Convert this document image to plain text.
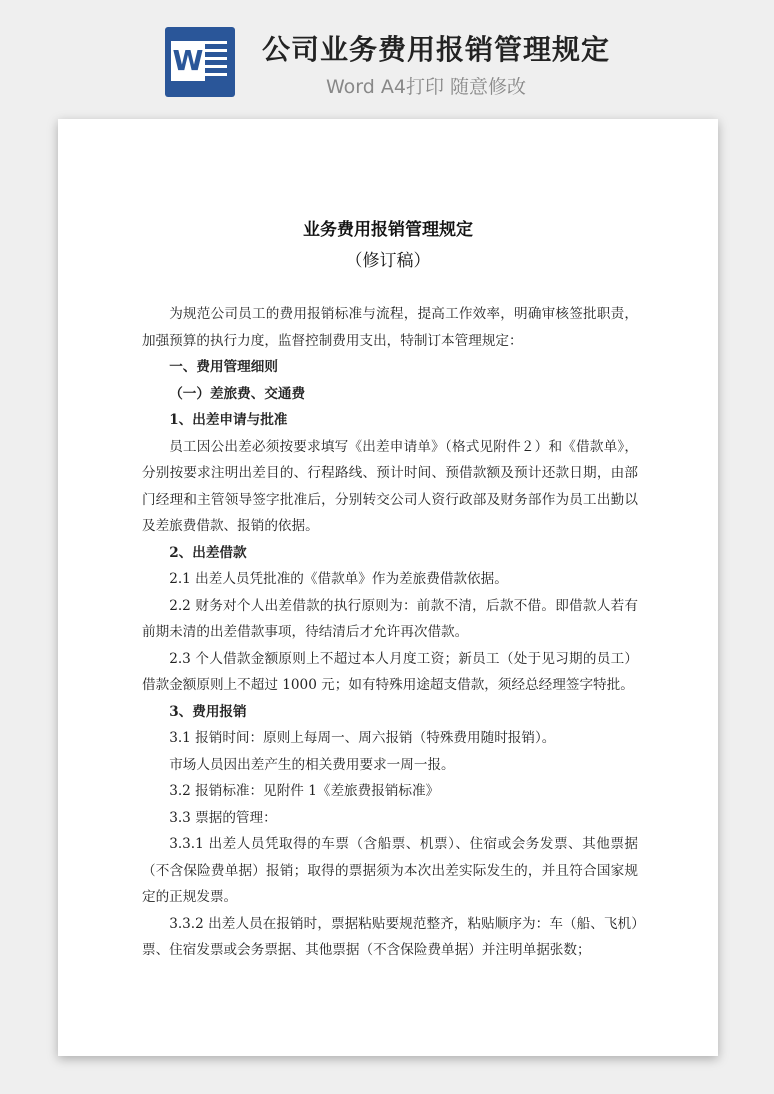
W 公司业务费用报销管理规定
Word A4打印 随意修改

业务费用报销管理规定
（修订稿）

为规范公司员工的费用报销标准与流程，提高工作效率，明确审核签批职责，加强预算的执行力度，监督控制费用支出，特制订本管理规定：

一、费用管理细则

（一）差旅费、交通费

1、出差申请与批准

员工因公出差必须按要求填写《出差申请单》（格式见附件２）和《借款单》，分别按要求注明出差目的、行程路线、预计时间、预借款额及预计还款日期，由部门经理和主管领导签字批准后，分别转交公司人资行政部及财务部作为员工出勤以及差旅费借款、报销的依据。

2、出差借款

2.1 出差人员凭批准的《借款单》作为差旅费借款依据。

2.2 财务对个人出差借款的执行原则为：前款不清，后款不借。即借款人若有前期未清的出差借款事项，待结清后才允许再次借款。

2.3 个人借款金额原则上不超过本人月度工资；新员工（处于见习期的员工）借款金额原则上不超过 1000 元；如有特殊用途超支借款，须经总经理签字特批。

3、费用报销

3.1 报销时间：原则上每周一、周六报销（特殊费用随时报销）。

市场人员因出差产生的相关费用要求一周一报。

3.2 报销标准：见附件 1《差旅费报销标准》

3.3 票据的管理：

3.3.1 出差人员凭取得的车票（含船票、机票）、住宿或会务发票、其他票据（不含保险费单据）报销；取得的票据须为本次出差实际发生的，并且符合国家规定的正规发票。

3.3.2 出差人员在报销时，票据粘贴要规范整齐，粘贴顺序为：车（船、飞机）票、住宿发票或会务票据、其他票据（不含保险费单据）并注明单据张数；
